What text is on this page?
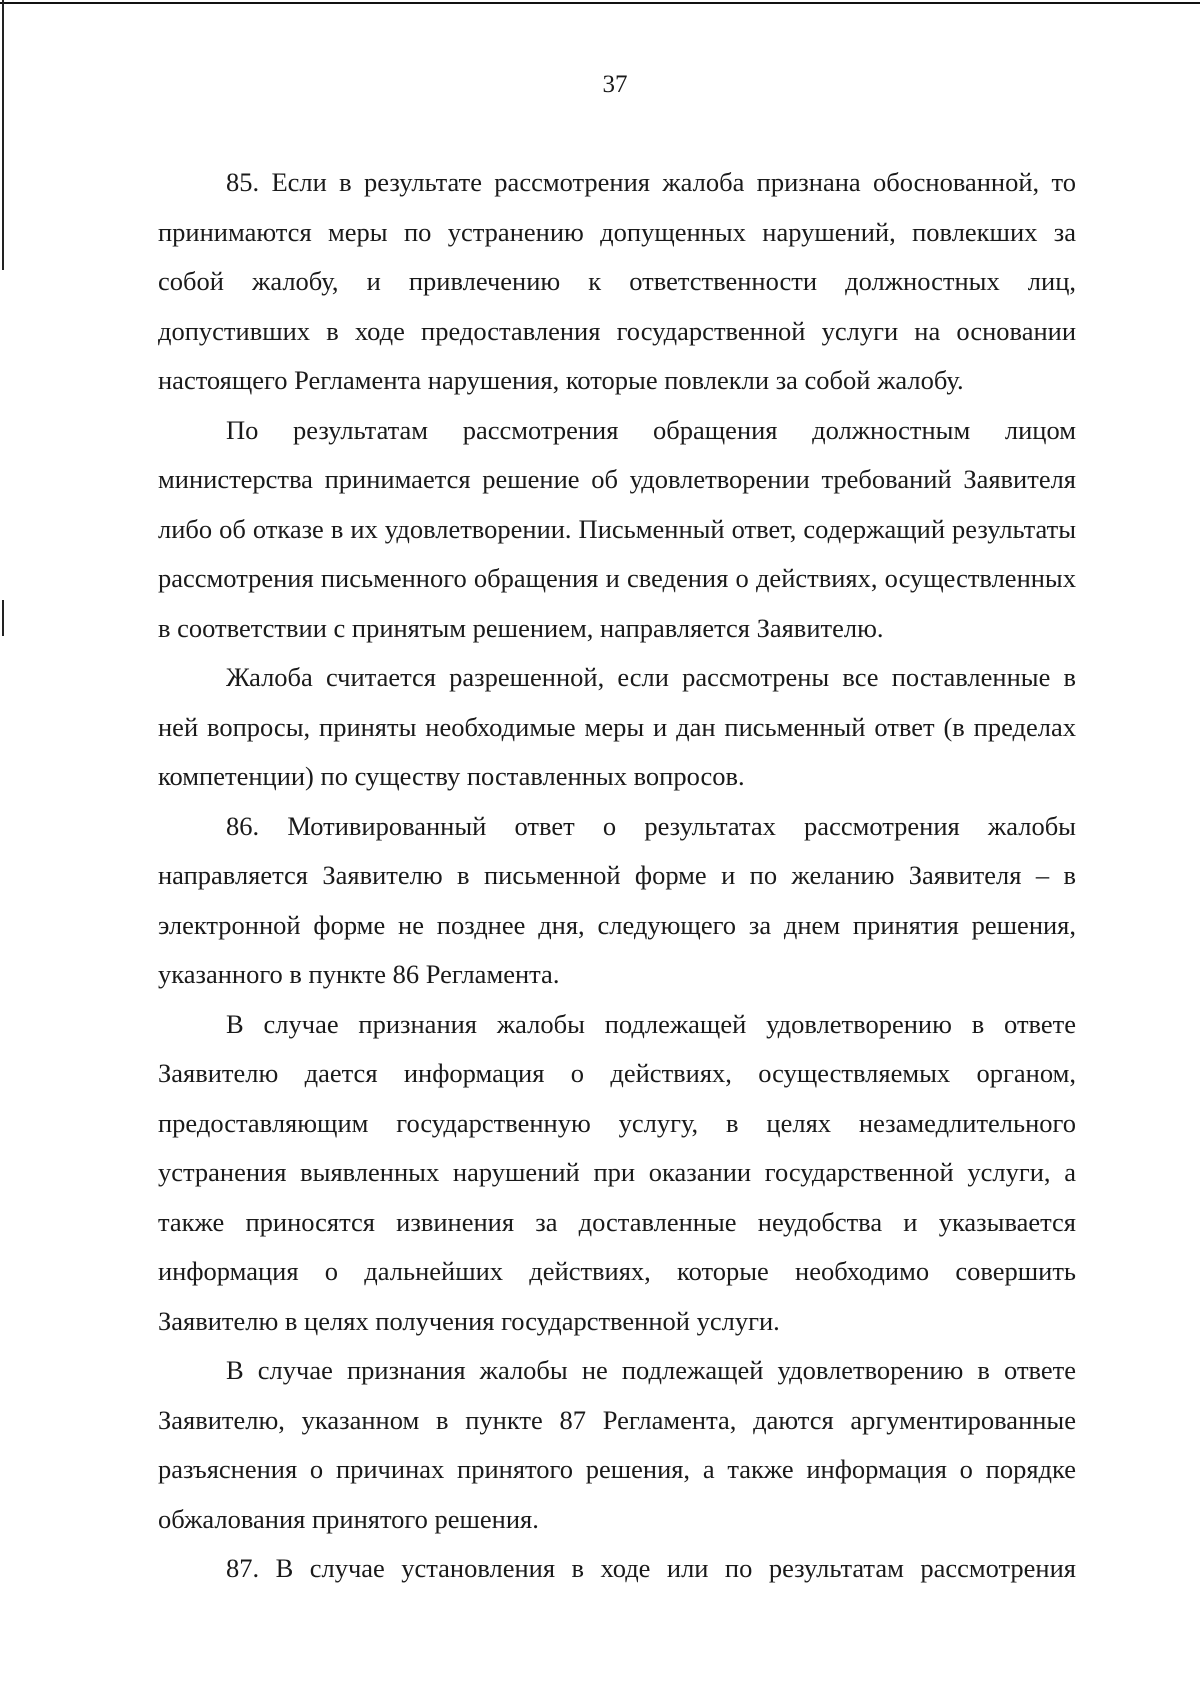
37

85. Если в результате рассмотрения жалоба признана обоснованной, то принимаются меры по устранению допущенных нарушений, повлекших за собой жалобу, и привлечению к ответственности должностных лиц, допустивших в ходе предоставления государственной услуги на основании настоящего Регламента нарушения, которые повлекли за собой жалобу.

По результатам рассмотрения обращения должностным лицом министерства принимается решение об удовлетворении требований Заявителя либо об отказе в их удовлетворении. Письменный ответ, содержащий результаты рассмотрения письменного обращения и сведения о действиях, осуществленных в соответствии с принятым решением, направляется Заявителю.

Жалоба считается разрешенной, если рассмотрены все поставленные в ней вопросы, приняты необходимые меры и дан письменный ответ (в пределах компетенции) по существу поставленных вопросов.

86. Мотивированный ответ о результатах рассмотрения жалобы направляется Заявителю в письменной форме и по желанию Заявителя – в электронной форме не позднее дня, следующего за днем принятия решения, указанного в пункте 86 Регламента.

В случае признания жалобы подлежащей удовлетворению в ответе Заявителю дается информация о действиях, осуществляемых органом, предоставляющим государственную услугу, в целях незамедлительного устранения выявленных нарушений при оказании государственной услуги, а также приносятся извинения за доставленные неудобства и указывается информация о дальнейших действиях, которые необходимо совершить Заявителю в целях получения государственной услуги.

В случае признания жалобы не подлежащей удовлетворению в ответе Заявителю, указанном в пункте 87 Регламента, даются аргументированные разъяснения о причинах принятого решения, а также информация о порядке обжалования принятого решения.

87. В случае установления в ходе или по результатам рассмотрения
